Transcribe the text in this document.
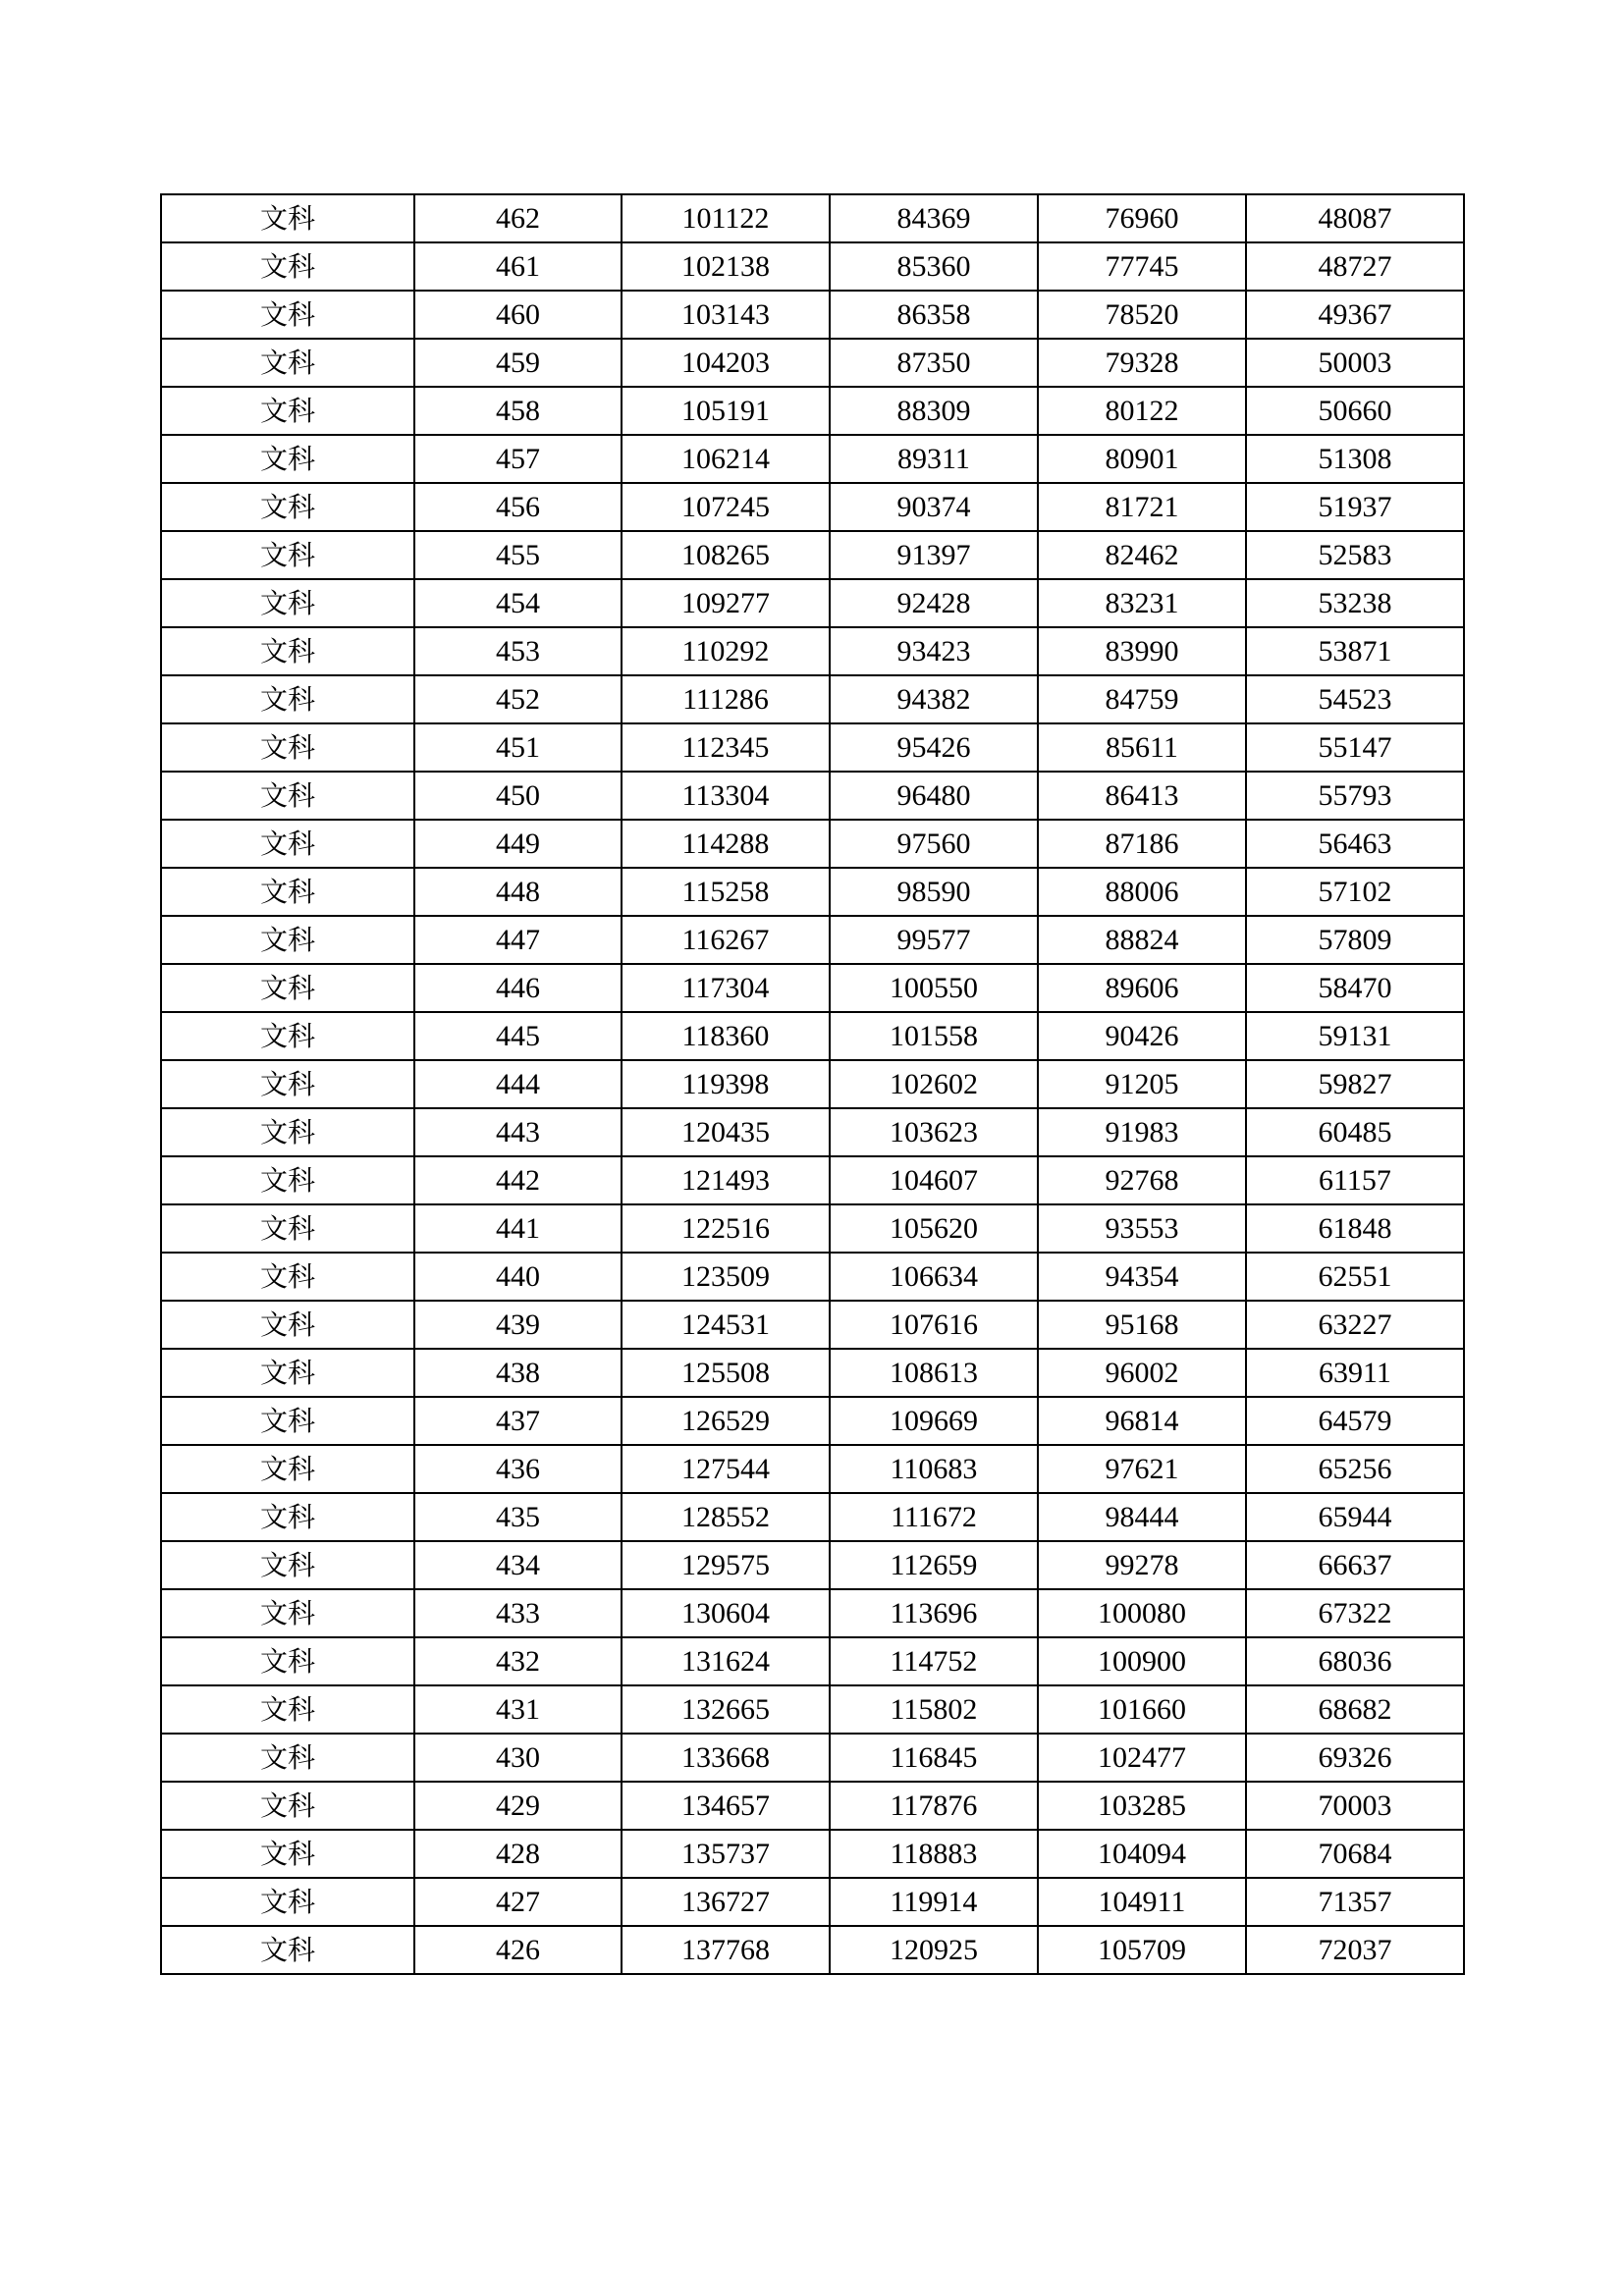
文科	462	101122	84369	76960	48087
文科	461	102138	85360	77745	48727
文科	460	103143	86358	78520	49367
文科	459	104203	87350	79328	50003
文科	458	105191	88309	80122	50660
文科	457	106214	89311	80901	51308
文科	456	107245	90374	81721	51937
文科	455	108265	91397	82462	52583
文科	454	109277	92428	83231	53238
文科	453	110292	93423	83990	53871
文科	452	111286	94382	84759	54523
文科	451	112345	95426	85611	55147
文科	450	113304	96480	86413	55793
文科	449	114288	97560	87186	56463
文科	448	115258	98590	88006	57102
文科	447	116267	99577	88824	57809
文科	446	117304	100550	89606	58470
文科	445	118360	101558	90426	59131
文科	444	119398	102602	91205	59827
文科	443	120435	103623	91983	60485
文科	442	121493	104607	92768	61157
文科	441	122516	105620	93553	61848
文科	440	123509	106634	94354	62551
文科	439	124531	107616	95168	63227
文科	438	125508	108613	96002	63911
文科	437	126529	109669	96814	64579
文科	436	127544	110683	97621	65256
文科	435	128552	111672	98444	65944
文科	434	129575	112659	99278	66637
文科	433	130604	113696	100080	67322
文科	432	131624	114752	100900	68036
文科	431	132665	115802	101660	68682
文科	430	133668	116845	102477	69326
文科	429	134657	117876	103285	70003
文科	428	135737	118883	104094	70684
文科	427	136727	119914	104911	71357
文科	426	137768	120925	105709	72037
